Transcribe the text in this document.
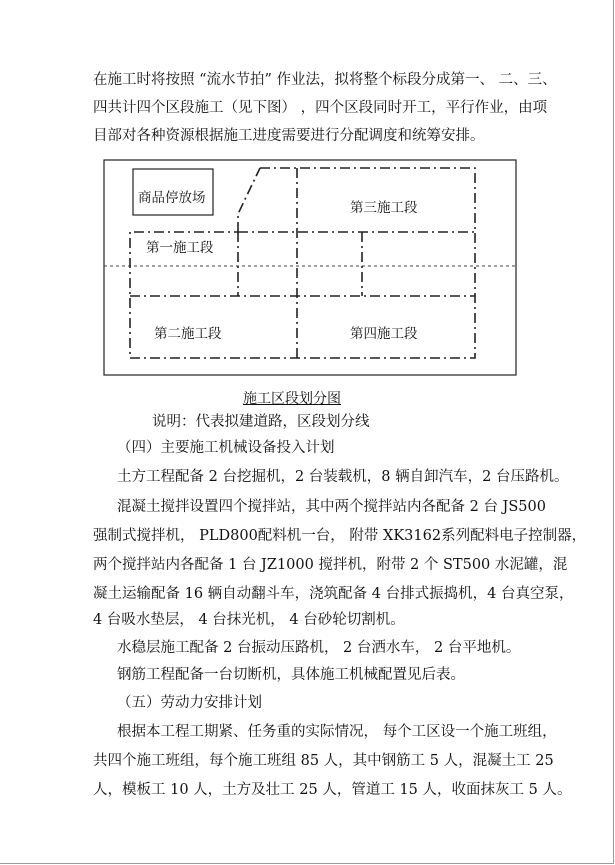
在施工时将按照 “流水节拍” 作业法，拟将整个标段分成第一、 二、三、
四共计四个区段施工（见下图） ，四个区段同时开工，平行作业，由项
目部对各种资源根据施工进度需要进行分配调度和统筹安排。
商品停放场
第一施工段
第二施工段
第三施工段
第四施工段
施工区段划分图
说明：代表拟建道路，区段划分线
（四）主要施工机械设备投入计划
土方工程配备 2 台挖掘机，2 台装载机，8 辆自卸汽车，2 台压路机。
混凝土搅拌设置四个搅拌站，其中两个搅拌站内各配备 2 台 JS500
强制式搅拌机， PLD800配料机一台， 附带 XK3162系列配料电子控制器，
两个搅拌站内各配备 1 台 JZ1000 搅拌机，附带 2 个 ST500 水泥罐，混
凝土运输配备 16 辆自动翻斗车，浇筑配备 4 台排式振捣机，4 台真空泵，
4 台吸水垫层， 4 台抹光机， 4 台砂轮切割机。
水稳层施工配备 2 台振动压路机， 2 台洒水车， 2 台平地机。
钢筋工程配备一台切断机，具体施工机械配置见后表。
（五）劳动力安排计划
根据本工程工期紧、任务重的实际情况， 每个工区设一个施工班组，
共四个施工班组，每个施工班组 85 人，其中钢筋工 5 人，混凝土工 25
人，模板工 10 人，土方及壮工 25 人，管道工 15 人，收面抹灰工 5 人。
